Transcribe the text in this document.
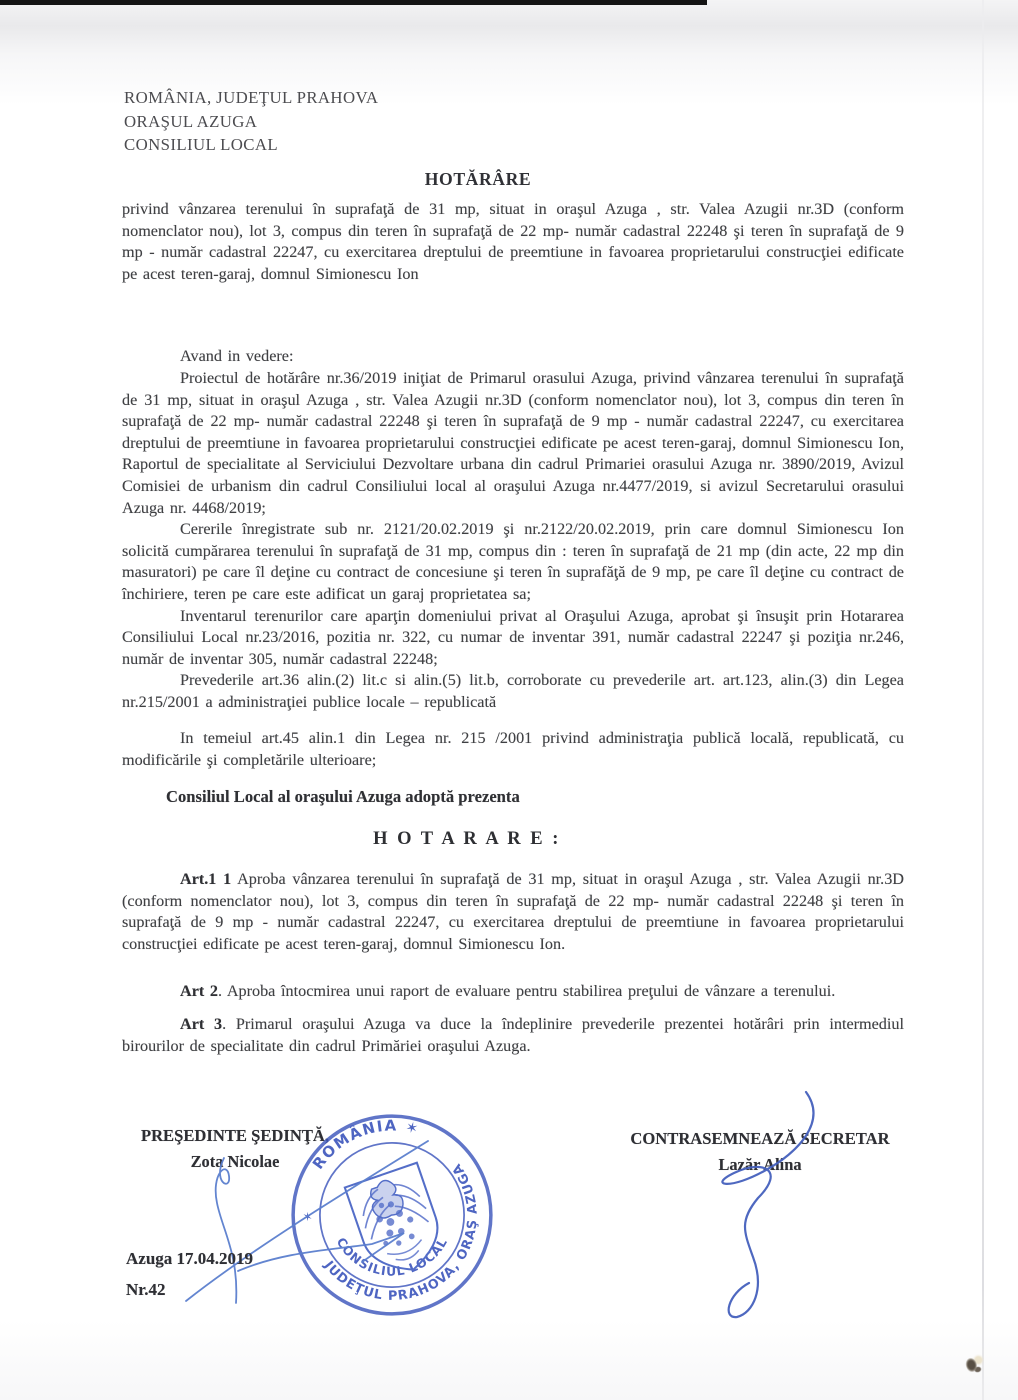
ROMÂNIA, JUDEŢUL PRAHOVA
ORAŞUL AZUGA
CONSILIUL LOCAL
HOTĂRÂRE

privind vânzarea terenului în suprafaţă de 31 mp, situat in oraşul Azuga , str. Valea Azugii nr.3D (conform nomenclator nou), lot 3, compus din teren în suprafaţă de 22 mp- număr cadastral 22248 şi teren în suprafaţă de 9 mp - număr cadastral 22247, cu exercitarea dreptului de preemtiune in favoarea proprietarului construcţiei edificate pe acest teren-garaj, domnul Simionescu Ion

Avand in vedere:

Proiectul de hotărâre nr.36/2019 iniţiat de Primarul orasului Azuga, privind vânzarea terenului în suprafaţă de 31 mp, situat in oraşul Azuga , str. Valea Azugii nr.3D (conform nomenclator nou), lot 3, compus din teren în suprafaţă de 22 mp- număr cadastral 22248 şi teren în suprafaţă de 9 mp - număr cadastral 22247, cu exercitarea dreptului de preemtiune in favoarea proprietarului construcţiei edificate pe acest teren-garaj, domnul Simionescu Ion, Raportul de specialitate al Serviciului Dezvoltare urbana din cadrul Primariei orasului Azuga nr. 3890/2019, Avizul Comisiei de urbanism din cadrul Consiliului local al oraşului Azuga nr.4477/2019, si avizul Secretarului orasului Azuga nr. 4468/2019;

Cererile înregistrate sub nr. 2121/20.02.2019 şi nr.2122/20.02.2019, prin care domnul Simionescu Ion solicită cumpărarea terenului în suprafaţă de 31 mp, compus din : teren în suprafaţă de 21 mp (din acte, 22 mp din masuratori) pe care îl deţine cu contract de concesiune şi teren în suprafăţă de 9 mp, pe care îl deţine cu contract de închiriere, teren pe care este adificat un garaj proprietatea sa;

Inventarul terenurilor care aparţin domeniului privat al Oraşului Azuga, aprobat şi însuşit prin Hotararea Consiliului Local nr.23/2016, pozitia nr. 322, cu numar de inventar 391, număr cadastral 22247 şi poziţia nr.246, număr de inventar 305, număr cadastral 22248;

Prevederile art.36 alin.(2) lit.c si alin.(5) lit.b, corroborate cu prevederile art. art.123, alin.(3) din Legea nr.215/2001 a administraţiei publice locale – republicată

In temeiul art.45 alin.1 din Legea nr. 215 /2001 privind administraţia publică locală, republicată, cu modificările şi completările ulterioare;

Consiliul Local al oraşului Azuga adoptă prezenta
H O T A R A R E :

Art.1 1 Aproba vânzarea terenului în suprafaţă de 31 mp, situat in oraşul Azuga , str. Valea Azugii nr.3D (conform nomenclator nou), lot 3, compus din teren în suprafaţă de 22 mp- număr cadastral 22248 şi teren în suprafaţă de 9 mp - număr cadastral 22247, cu exercitarea dreptului de preemtiune in favoarea proprietarului construcţiei edificate pe acest teren-garaj, domnul Simionescu Ion.

Art 2. Aproba întocmirea unui raport de evaluare pentru stabilirea preţului de vânzare a terenului.

Art 3. Primarul oraşului Azuga va duce la îndeplinire prevederile prezentei hotărâri prin intermediul birourilor de specialitate din cadrul Primăriei oraşului Azuga.

PREŞEDINTE ŞEDINŢĂ,
Zota Nicolae
CONTRASEMNEAZĂ SECRETAR
Lazăr Alina
ROMÂNIA ✶
JUDEŢUL PRAHOVA, ORAŞ AZUGA
CONSILIUL LOCAL
✶
Azuga 17.04.2019
Nr.42
